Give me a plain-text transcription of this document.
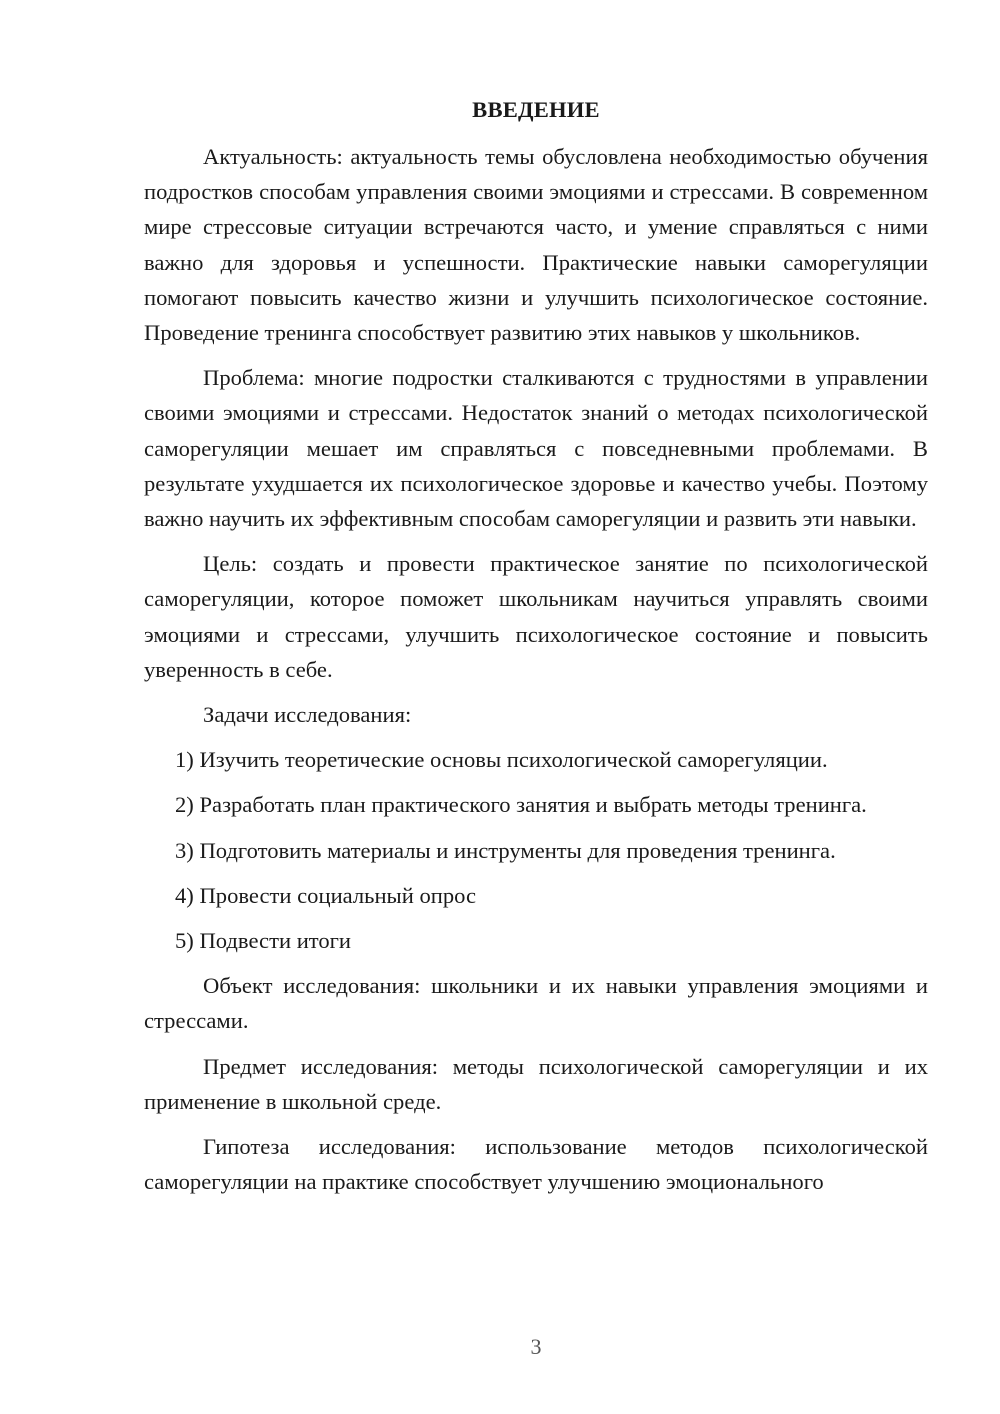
ВВЕДЕНИЕ

Актуальность: актуальность темы обусловлена необходимостью обучения подростков способам управления своими эмоциями и стрессами. В современном мире стрессовые ситуации встречаются часто, и умение справляться с ними важно для здоровья и успешности. Практические навыки саморегуляции помогают повысить качество жизни и улучшить психологическое состояние. Проведение тренинга способствует развитию этих навыков у школьников.

Проблема: многие подростки сталкиваются с трудностями в управлении своими эмоциями и стрессами. Недостаток знаний о методах психологической саморегуляции мешает им справляться с повседневными проблемами. В результате ухудшается их психологическое здоровье и качество учебы. Поэтому важно научить их эффективным способам саморегуляции и развить эти навыки.

Цель: создать и провести практическое занятие по психологической саморегуляции, которое поможет школьникам научиться управлять своими эмоциями и стрессами, улучшить психологическое состояние и повысить уверенность в себе.

Задачи исследования:

1) Изучить теоретические основы психологической саморегуляции.

2) Разработать план практического занятия и выбрать методы тренинга.

3) Подготовить материалы и инструменты для проведения тренинга.

4) Провести социальный опрос

5) Подвести итоги

Объект исследования: школьники и их навыки управления эмоциями и стрессами.

Предмет исследования: методы психологической саморегуляции и их применение в школьной среде.

Гипотеза исследования: использование методов психологической саморегуляции на практике способствует улучшению эмоционального

3
